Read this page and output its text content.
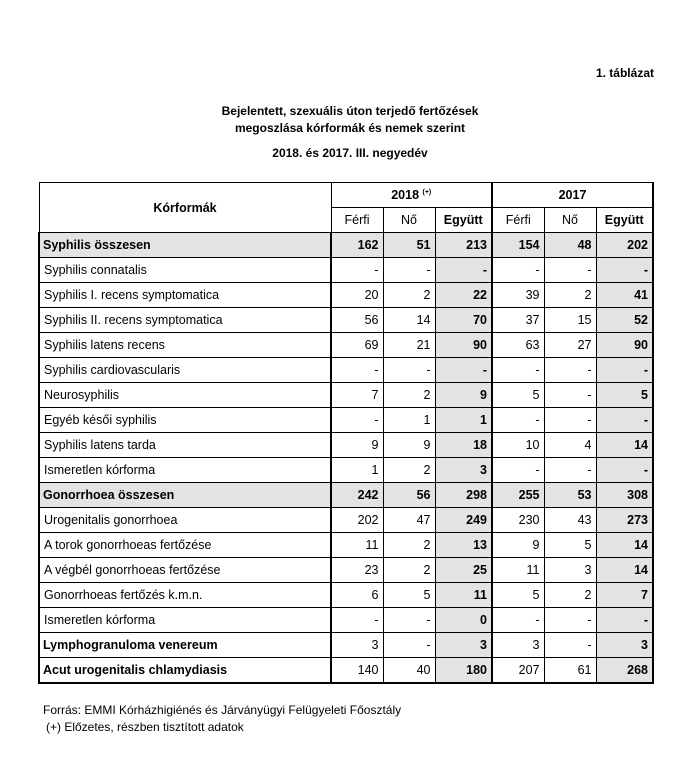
1. táblázat
Bejelentett, szexuális úton terjedő fertőzések
megoszlása kórformák és nemek szerint
2018. és 2017. III. negyedév
Kórformák	2018 (+)			2017		
	Férfi	Nő	Együtt	Férfi	Nő	Együtt
Syphilis összesen	162	51	213	154	48	202
Syphilis connatalis	-	-	-	-	-	-
Syphilis I. recens symptomatica	20	2	22	39	2	41
Syphilis II. recens symptomatica	56	14	70	37	15	52
Syphilis latens recens	69	21	90	63	27	90
Syphilis cardiovascularis	-	-	-	-	-	-
Neurosyphilis	7	2	9	5	-	5
Egyéb késői syphilis	-	1	1	-	-	-
Syphilis latens tarda	9	9	18	10	4	14
Ismeretlen kórforma	1	2	3	-	-	-
Gonorrhoea összesen	242	56	298	255	53	308
Urogenitalis gonorrhoea	202	47	249	230	43	273
A torok gonorrhoeas fertőzése	11	2	13	9	5	14
A végbél gonorrhoeas fertőzése	23	2	25	11	3	14
Gonorrhoeas fertőzés k.m.n.	6	5	11	5	2	7
Ismeretlen kórforma	-	-	0	-	-	-
Lymphogranuloma venereum	3	-	3	3	-	3
Acut urogenitalis chlamydiasis	140	40	180	207	61	268
Forrás: EMMI Kórházhigiénés és Járványügyi Felügyeleti Főosztály
(+) Előzetes, részben tisztított adatok
